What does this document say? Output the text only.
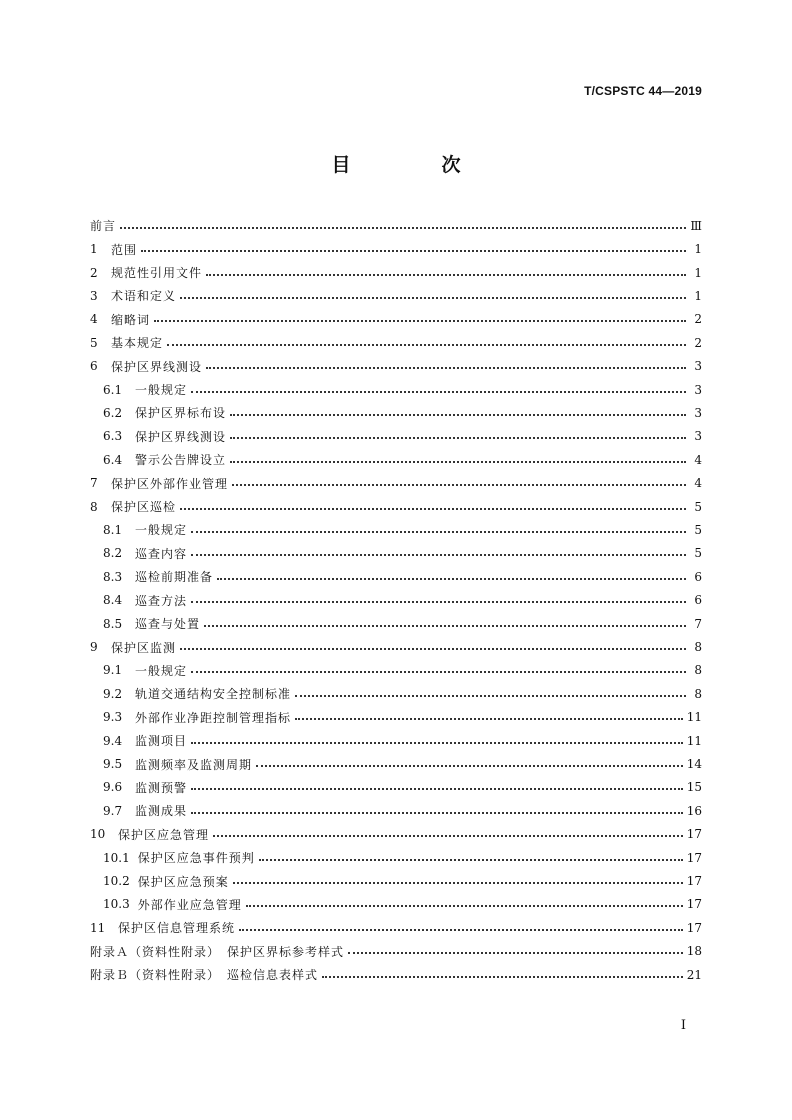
T/CSPSTC 44—2019
目　次
前言	Ⅲ
1	范围	1
2	规范性引用文件	1
3	术语和定义	1
4	缩略词	2
5	基本规定	2
6	保护区界线测设	3
6.1	一般规定	3
6.2	保护区界标布设	3
6.3	保护区界线测设	3
6.4	警示公告牌设立	4
7	保护区外部作业管理	4
8	保护区巡检	5
8.1	一般规定	5
8.2	巡查内容	5
8.3	巡检前期准备	6
8.4	巡查方法	6
8.5	巡查与处置	7
9	保护区监测	8
9.1	一般规定	8
9.2	轨道交通结构安全控制标准	8
9.3	外部作业净距控制管理指标	11
9.4	监测项目	11
9.5	监测频率及监测周期	14
9.6	监测预警	15
9.7	监测成果	16
10	保护区应急管理	17
10.1 保护区应急事件预判	17
10.2 保护区应急预案	17
10.3 外部作业应急管理	17
11	保护区信息管理系统	17
附录Ａ（资料性附录）　保护区界标参考样式	18
附录Ｂ（资料性附录）　巡检信息表样式	21
Ⅰ
